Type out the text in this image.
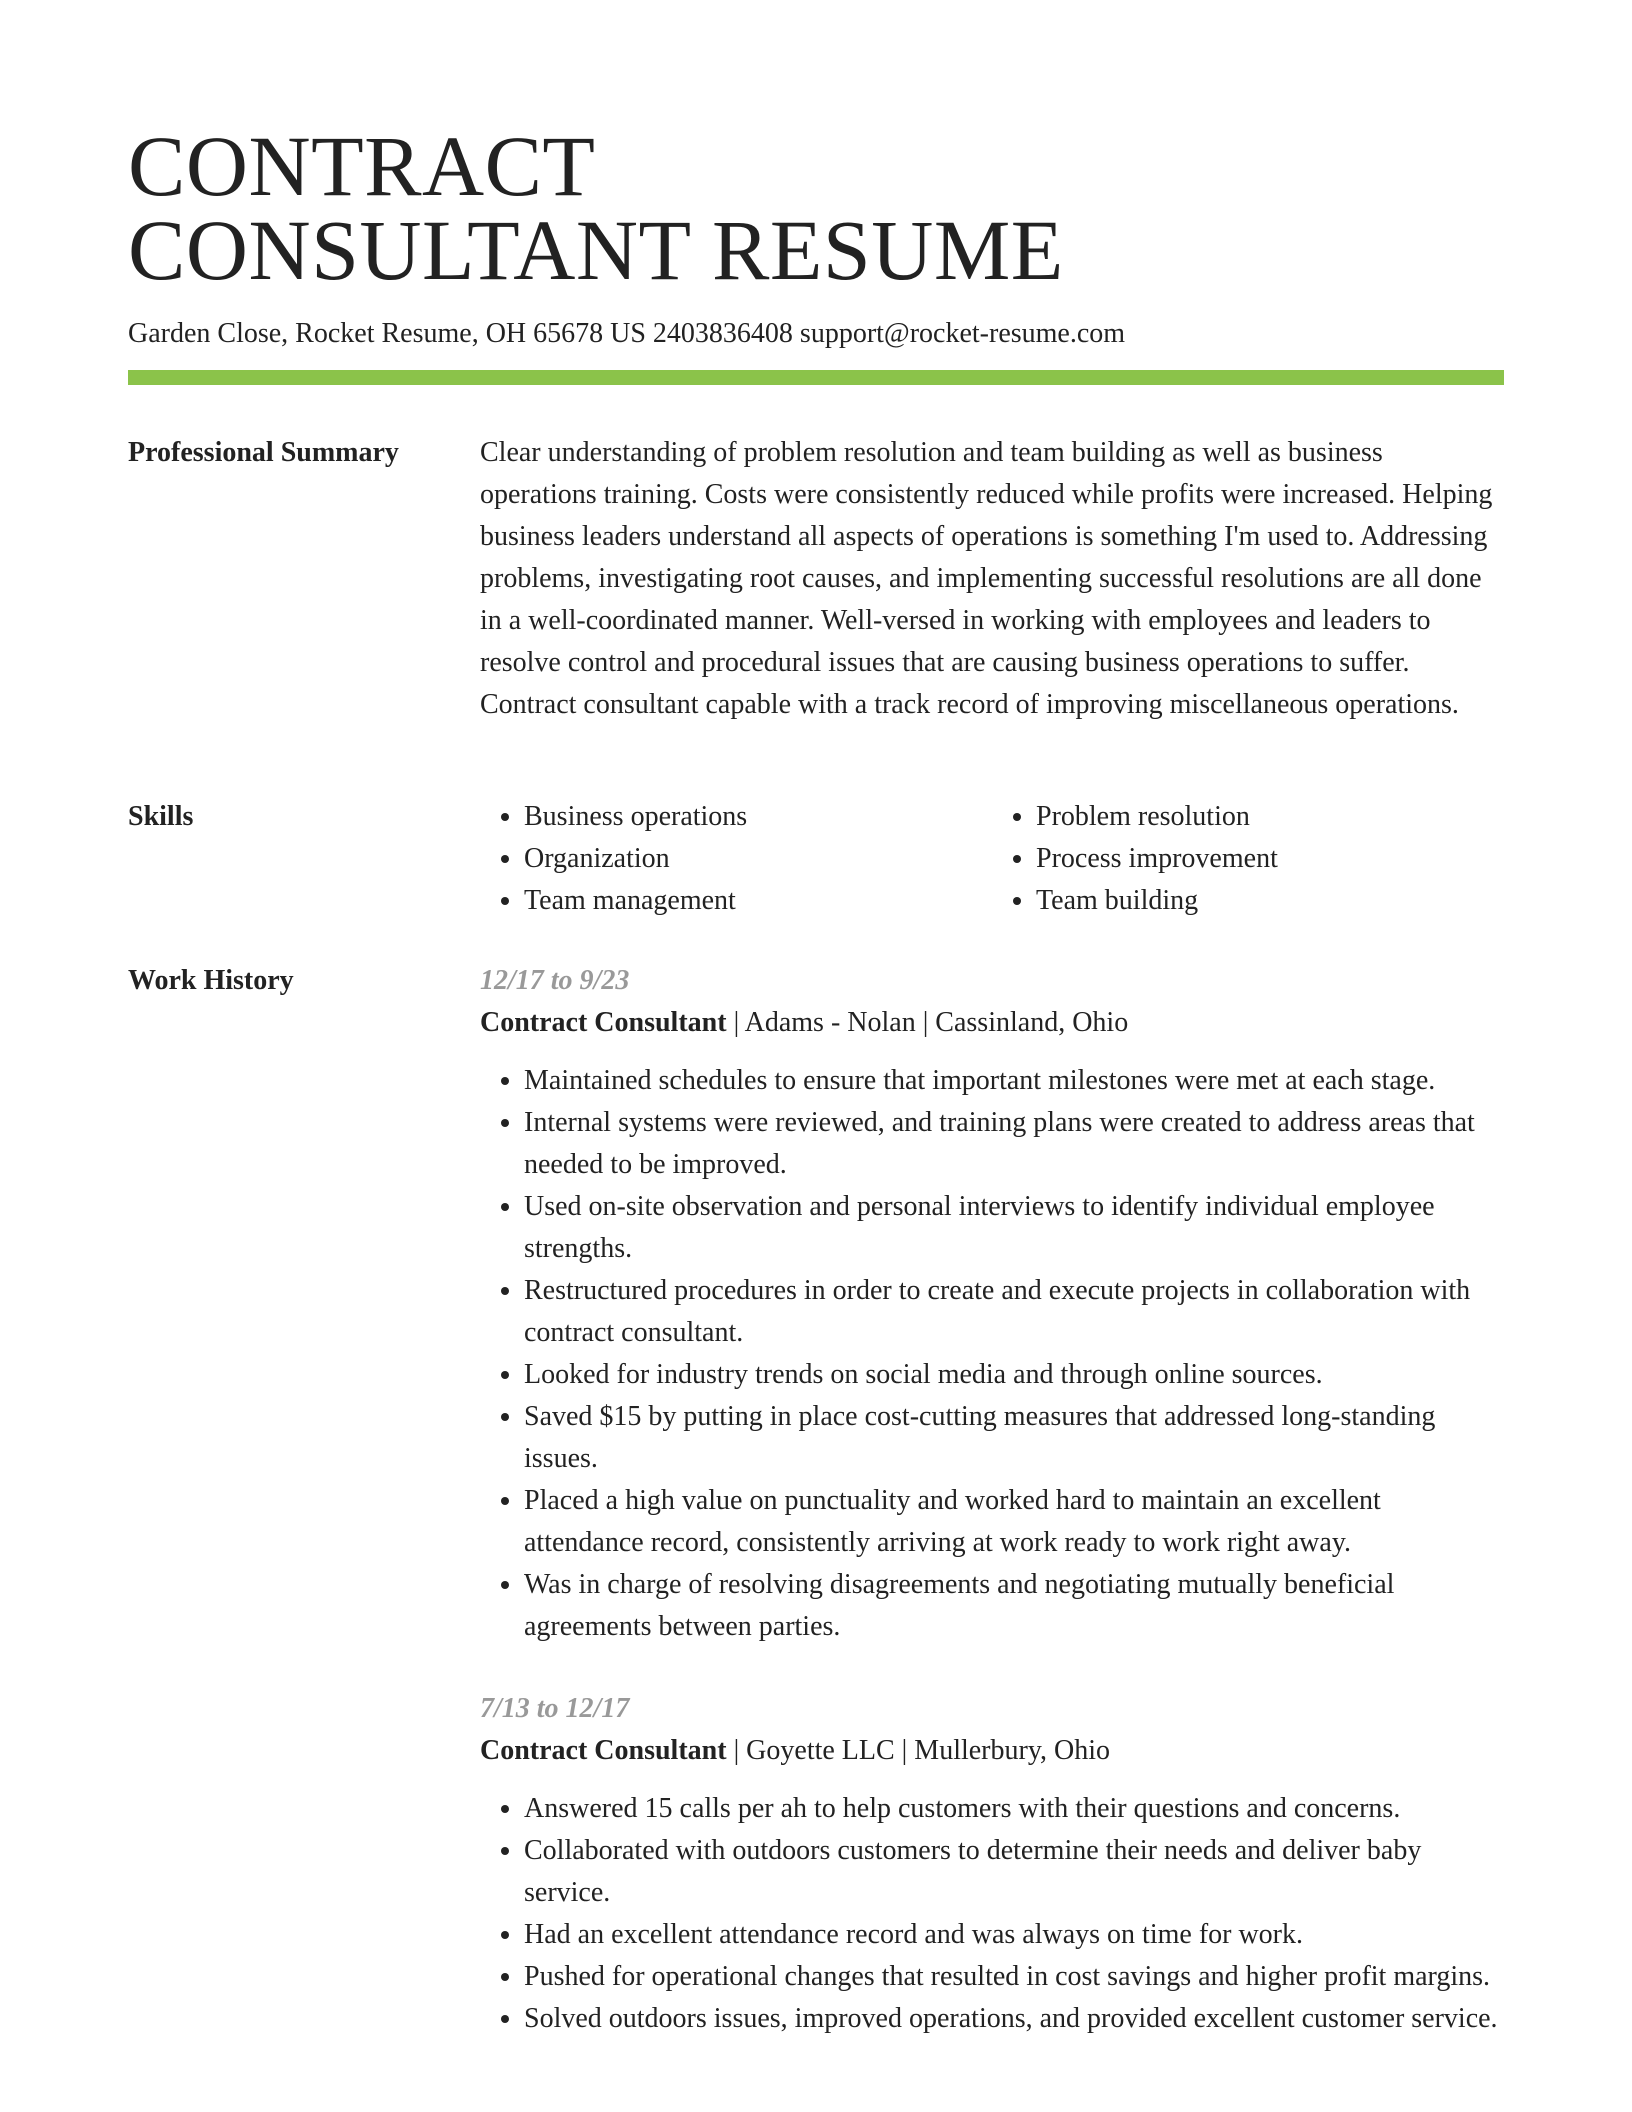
CONTRACT
CONSULTANT RESUME
Garden Close, Rocket Resume, OH 65678 US 2403836408 support@rocket-resume.com
Professional Summary	Clear understanding of problem resolution and team building as well as business operations training. Costs were consistently reduced while profits were increased. Helping business leaders understand all aspects of operations is something I'm used to. Addressing problems, investigating root causes, and implementing successful resolutions are all done in a well-coordinated manner. Well-versed in working with employees and leaders to resolve control and procedural issues that are causing business operations to suffer. Contract consultant capable with a track record of improving miscellaneous operations.

Skills
•	Business operations
• Organization
• Team management
• Problem resolution
• Process improvement
• Team building
Work History	12/17 to 9/23
Contract Consultant | Adams - Nolan | Cassinland, Ohio
• Maintained schedules to ensure that important milestones were met at each stage.
• Internal systems were reviewed, and training plans were created to address areas that needed to be improved.
• Used on-site observation and personal interviews to identify individual employee strengths.
• Restructured procedures in order to create and execute projects in collaboration with contract consultant.
• Looked for industry trends on social media and through online sources.
• Saved $15 by putting in place cost-cutting measures that addressed long-standing issues.
• Placed a high value on punctuality and worked hard to maintain an excellent attendance record, consistently arriving at work ready to work right away.
• Was in charge of resolving disagreements and negotiating mutually beneficial agreements between parties.
7/13 to 12/17
Contract Consultant | Goyette LLC | Mullerbury, Ohio
• Answered 15 calls per ah to help customers with their questions and concerns.
• Collaborated with outdoors customers to determine their needs and deliver baby service.
• Had an excellent attendance record and was always on time for work.
• Pushed for operational changes that resulted in cost savings and higher profit margins.
• Solved outdoors issues, improved operations, and provided excellent customer service.
